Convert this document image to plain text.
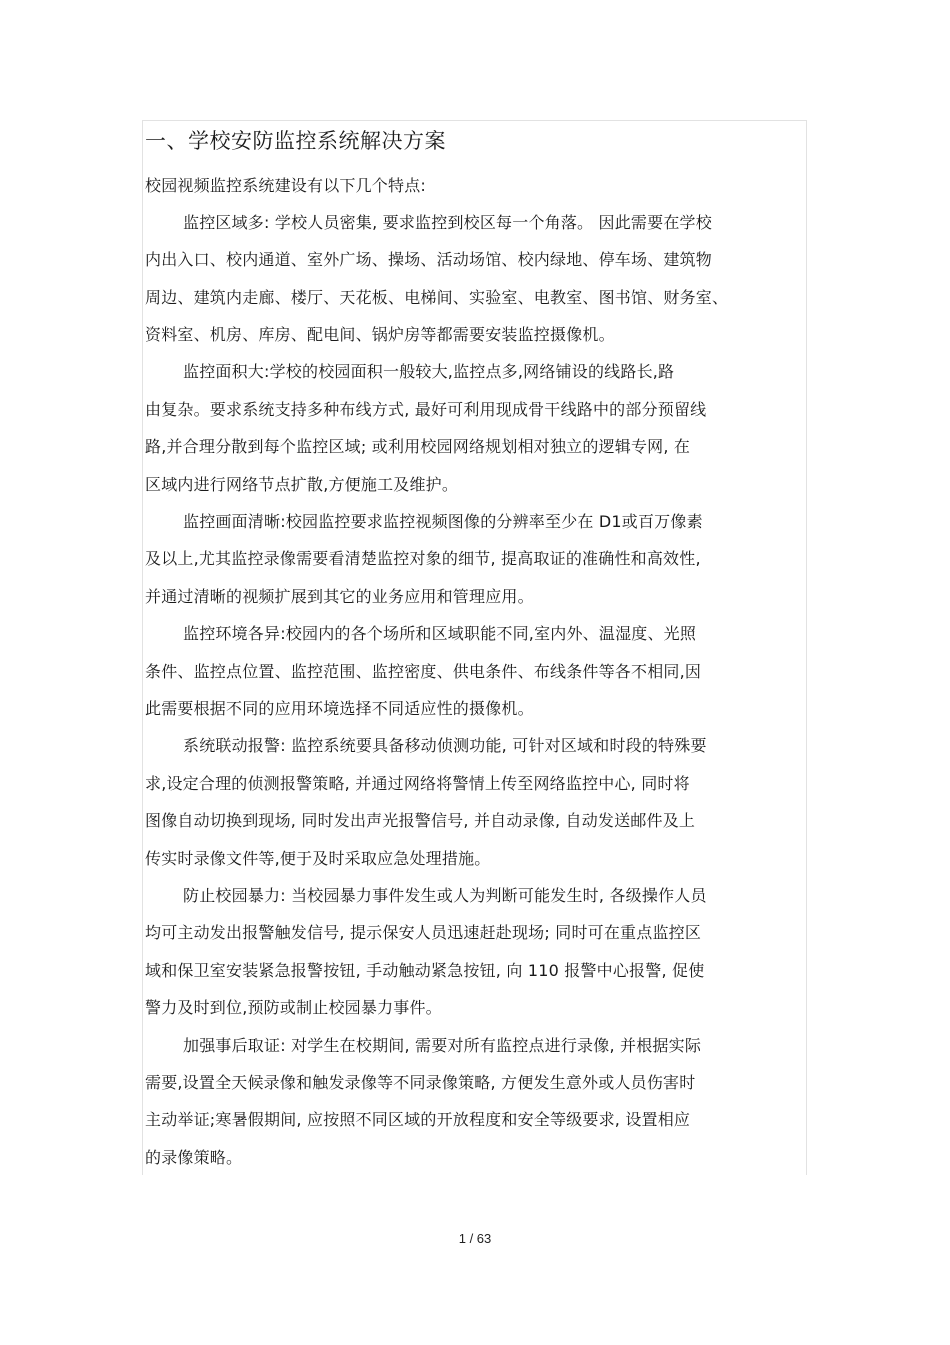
一、学校安防监控系统解决方案
校园视频监控系统建设有以下几个特点:
监控区域多: 学校人员密集, 要求监控到校区每一个角落。 因此需要在学校
内出入口、校内通道、室外广场、操场、活动场馆、校内绿地、停车场、建筑物
周边、建筑内走廊、楼厅、天花板、电梯间、实验室、电教室、图书馆、财务室、
资料室、机房、库房、配电间、锅炉房等都需要安装监控摄像机。
监控面积大:学校的校园面积一般较大,监控点多,网络铺设的线路长,路
由复杂。要求系统支持多种布线方式, 最好可利用现成骨干线路中的部分预留线
路,并合理分散到每个监控区域; 或利用校园网络规划相对独立的逻辑专网, 在
区域内进行网络节点扩散,方便施工及维护。
监控画面清晰:校园监控要求监控视频图像的分辨率至少在 D1或百万像素
及以上,尤其监控录像需要看清楚监控对象的细节, 提高取证的准确性和高效性,
并通过清晰的视频扩展到其它的业务应用和管理应用。
监控环境各异:校园内的各个场所和区域职能不同,室内外、温湿度、光照
条件、监控点位置、监控范围、监控密度、供电条件、布线条件等各不相同,因
此需要根据不同的应用环境选择不同适应性的摄像机。
系统联动报警: 监控系统要具备移动侦测功能, 可针对区域和时段的特殊要
求,设定合理的侦测报警策略, 并通过网络将警情上传至网络监控中心, 同时将
图像自动切换到现场, 同时发出声光报警信号, 并自动录像, 自动发送邮件及上
传实时录像文件等,便于及时采取应急处理措施。
防止校园暴力: 当校园暴力事件发生或人为判断可能发生时, 各级操作人员
均可主动发出报警触发信号, 提示保安人员迅速赶赴现场; 同时可在重点监控区
域和保卫室安装紧急报警按钮, 手动触动紧急按钮, 向 110 报警中心报警, 促使
警力及时到位,预防或制止校园暴力事件。
加强事后取证: 对学生在校期间, 需要对所有监控点进行录像, 并根据实际
需要,设置全天候录像和触发录像等不同录像策略, 方便发生意外或人员伤害时
主动举证;寒暑假期间, 应按照不同区域的开放程度和安全等级要求, 设置相应
的录像策略。
1 / 63
